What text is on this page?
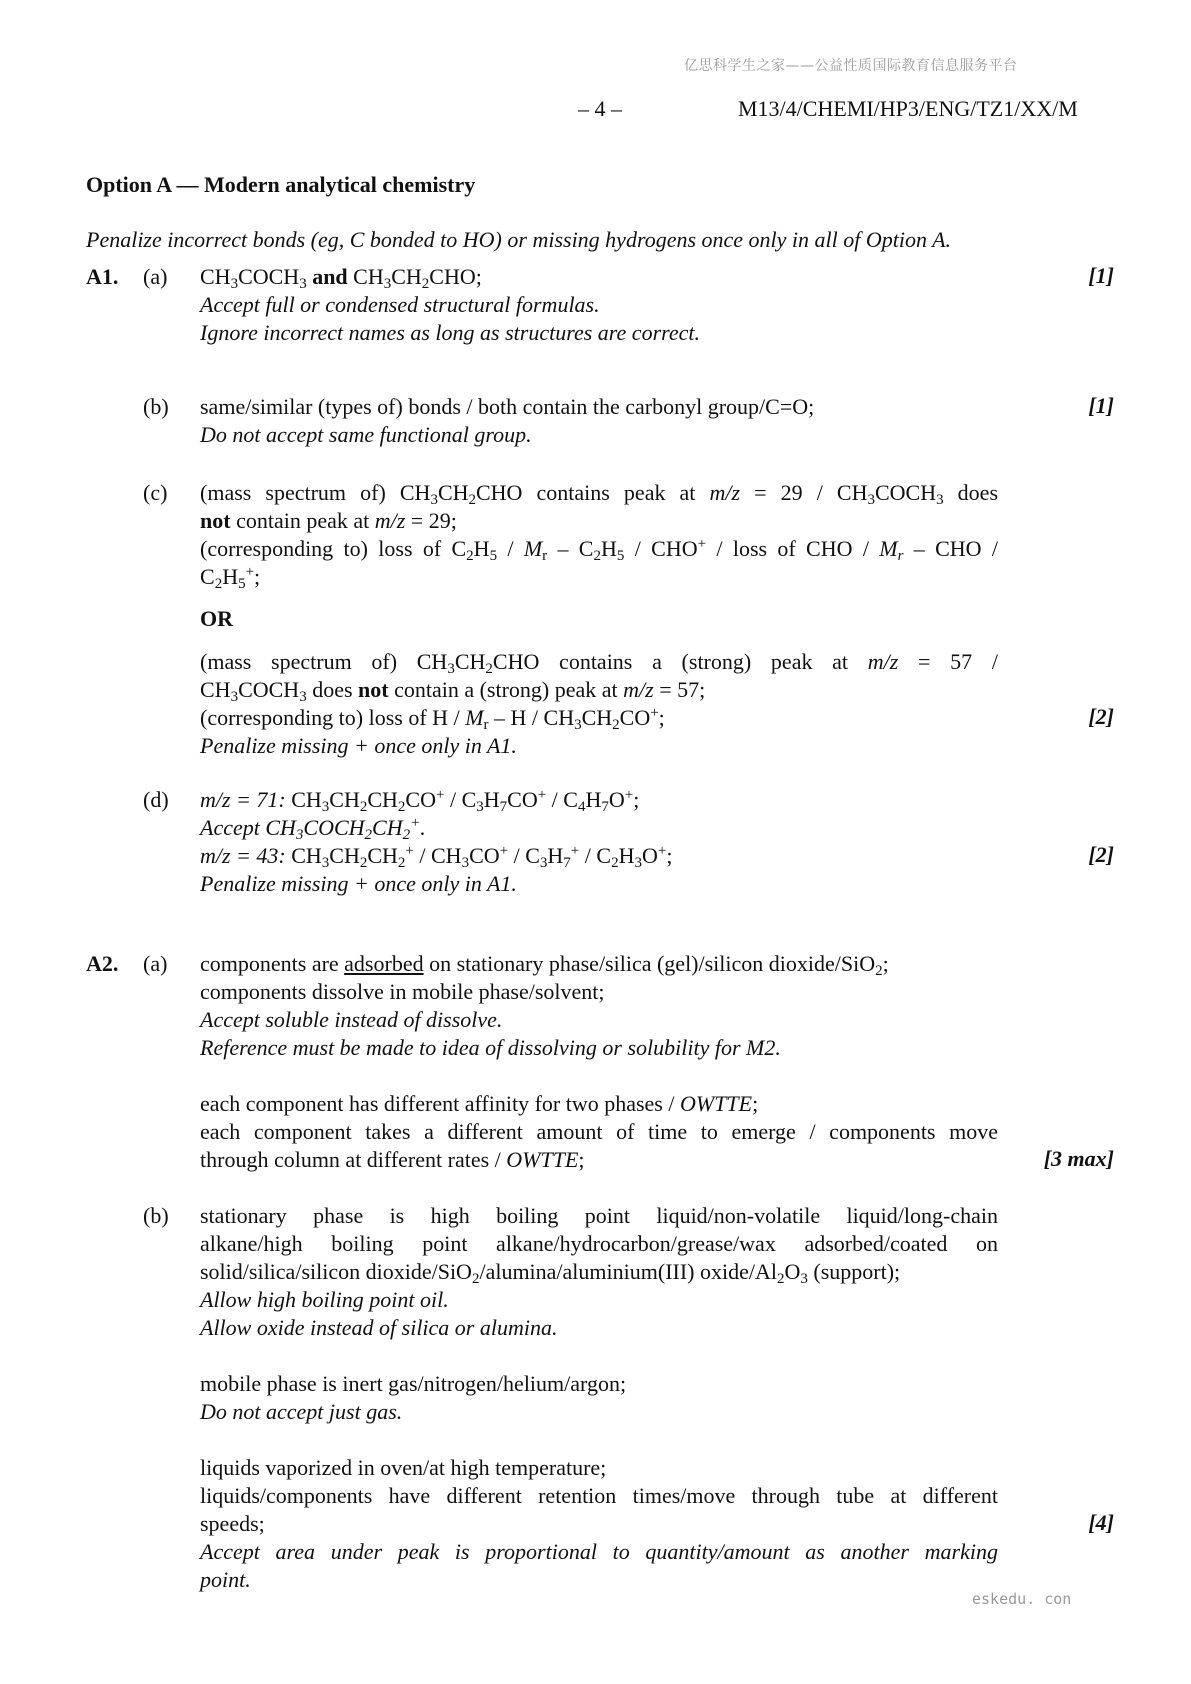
亿思科学生之家——公益性质国际教育信息服务平台
– 4 –	M13/4/CHEMI/HP3/ENG/TZ1/XX/M
Option A — Modern analytical chemistry
Penalize incorrect bonds (eg, C bonded to HO) or missing hydrogens once only in all of Option A.
A1. (a) $CH_3COCH_3$ and $CH_3CH_2CHO$;	[1]
Accept full or condensed structural formulas.
Ignore incorrect names as long as structures are correct.
(b) same/similar (types of) bonds / both contain the carbonyl group/C=O;	[1]
Do not accept same functional group.
(c) (mass spectrum of) $CH_3CH_2CHO$ contains peak at $m/z = 29 / CH_3COCH_3$ does
not contain peak at m/z = 29;
(corresponding to) loss of $C_2H_5 / M_r - C_2H_5 / CHO^+$ / loss of CHO / $M_r$ – CHO /
$C_2H_5^+$;
OR
(mass spectrum of) $CH_3CH_2CHO$ contains a (strong) peak at m/z = 57 /
$CH_3COCH_3$ does not contain a (strong) peak at m/z = 57;
(corresponding to) loss of H / $M_r$ – H / $CH_3CH_2CO^+$;	[2]
Penalize missing + once only in A1.
(d) m/z = 71: $CH_3CH_2CH_2CO^+ / C_3H_7CO^+ / C_4H_7O^+$;
Accept $CH_3COCH_2CH_2^+$.
m/z = 43: $CH_3CH_2CH_2^+ / CH_3CO^+ / C_3H_7^+ / C_2H_3O^+$;	[2]
Penalize missing + once only in A1.
A2. (a) components are adsorbed on stationary phase/silica (gel)/silicon dioxide/SiO$_2$;
components dissolve in mobile phase/solvent;
Accept soluble instead of dissolve.
Reference must be made to idea of dissolving or solubility for M2.
each component has different affinity for two phases / OWTTE;
each component takes a different amount of time to emerge / components move
through column at different rates / OWTTE;	[3 max]
(b) stationary phase is high boiling point liquid/non-volatile liquid/long-chain
alkane/high boiling point alkane/hydrocarbon/grease/wax adsorbed/coated on
solid/silica/silicon dioxide/SiO$_2$/alumina/aluminium(III) oxide/$Al_2O_3$ (support);
Allow high boiling point oil.
Allow oxide instead of silica or alumina.
mobile phase is inert gas/nitrogen/helium/argon;
Do not accept just gas.
liquids vaporized in oven/at high temperature;
liquids/components have different retention times/move through tube at different
speeds;	[4]
Accept area under peak is proportional to quantity/amount as another marking
point.
eskedu. con
